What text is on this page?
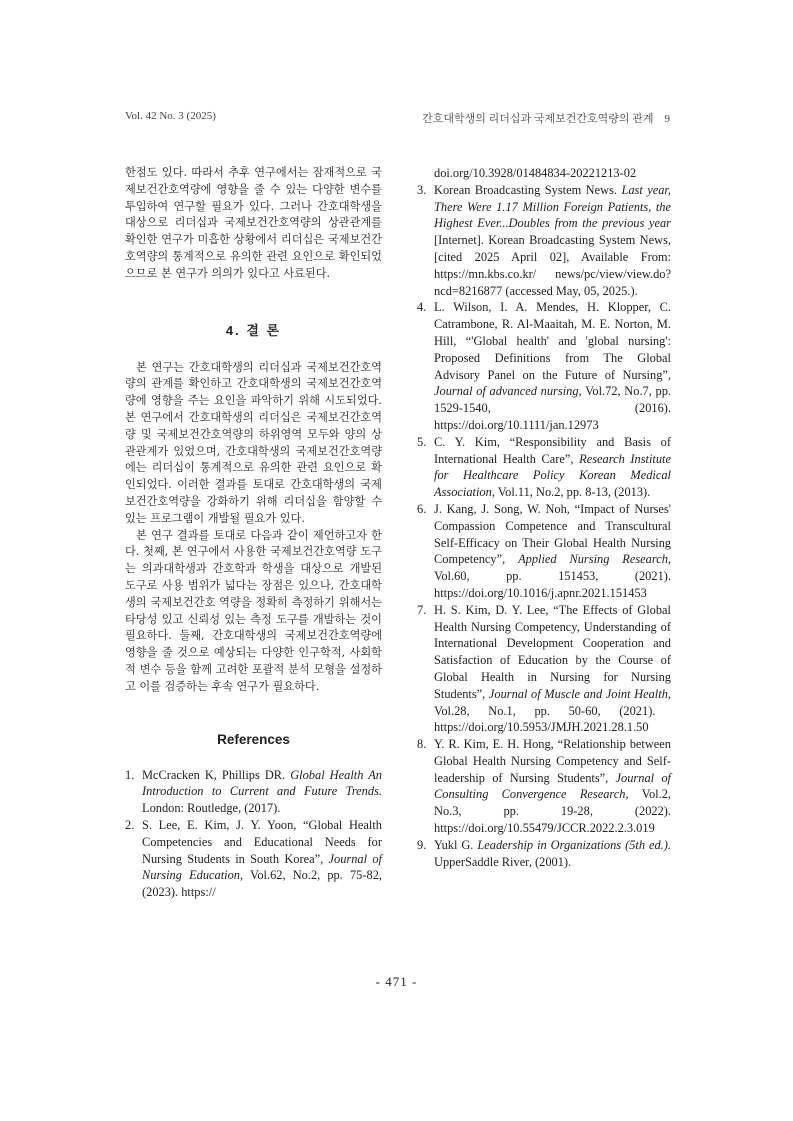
Vol. 42 No. 3 (2025)	간호대학생의 리더십과 국제보건간호역량의 관계 9

한점도 있다. 따라서 추후 연구에서는 잠재적으로 국제보건간호역량에 영향을 줄 수 있는 다양한 변수를 투입하여 연구할 필요가 있다. 그러나 간호대학생을 대상으로 리더십과 국제보건간호역량의 상관관계를 확인한 연구가 미흡한 상황에서 리더십은 국제보건간호역량의 통계적으로 유의한 관련 요인으로 확인되었으므로 본 연구가 의의가 있다고 사료된다.

4. 결 론

본 연구는 간호대학생의 리더십과 국제보건간호역량의 관계를 확인하고 간호대학생의 국제보건간호역량에 영향을 주는 요인을 파악하기 위해 시도되었다. 본 연구에서 간호대학생의 리더십은 국제보건간호역량 및 국제보건간호역량의 하위영역 모두와 양의 상관관계가 있었으며, 간호대학생의 국제보건간호역량에는 리더십이 통계적으로 유의한 관련 요인으로 확인되었다. 이러한 결과를 토대로 간호대학생의 국제보건간호역량을 강화하기 위해 리더십을 함양할 수 있는 프로그램이 개발될 필요가 있다.

본 연구 결과를 토대로 다음과 같이 제언하고자 한다. 첫째, 본 연구에서 사용한 국제보건간호역량 도구는 의과대학생과 간호학과 학생을 대상으로 개발된 도구로 사용 범위가 넓다는 장점은 있으나, 간호대학생의 국제보건간호 역량을 정확히 측정하기 위해서는 타당성 있고 신뢰성 있는 측정 도구를 개발하는 것이 필요하다. 둘째, 간호대학생의 국제보건간호역량에 영향을 줄 것으로 예상되는 다양한 인구학적, 사회학적 변수 등을 함께 고려한 포괄적 분석 모형을 설정하고 이를 검증하는 후속 연구가 필요하다.

References
1. McCracken K, Phillips DR. Global Health An Introduction to Current and Future Trends. London: Routledge, (2017).
2. S. Lee, E. Kim, J. Y. Yoon, “Global Health Competencies and Educational Needs for Nursing Students in South Korea”, Journal of Nursing Education, Vol.62, No.2, pp. 75-82, (2023). https://

doi.org/10.3928/01484834-20221213-02

3. Korean Broadcasting System News. Last year, There Were 1.17 Million Foreign Patients, the Highest Ever...Doubles from the previous year [Internet]. Korean Broadcasting System News, [cited 2025 April 02], Available From: https://mn.kbs.co.kr/ news/pc/view/view.do?ncd=8216877 (accessed May, 05, 2025.).
4. L. Wilson, I. A. Mendes, H. Klopper, C. Catrambone, R. Al-Maaitah, M. E. Norton, M. Hill, “'Global health' and 'global nursing': Proposed Definitions from The Global Advisory Panel on the Future of Nursing”, Journal of advanced nursing, Vol.72, No.7, pp. 1529-1540, (2016). https://doi.org/10.1111/jan.12973
5. C. Y. Kim, “Responsibility and Basis of International Health Care”, Research Institute for Healthcare Policy Korean Medical Association, Vol.11, No.2, pp. 8-13, (2013).
6. J. Kang, J. Song, W. Noh, “Impact of Nurses' Compassion Competence and Transcultural Self-Efficacy on Their Global Health Nursing Competency”, Applied Nursing Research, Vol.60, pp. 151453, (2021). https://doi.org/10.1016/j.apnr.2021.151453
7. H. S. Kim, D. Y. Lee, “The Effects of Global Health Nursing Competency, Understanding of International Development Cooperation and Satisfaction of Education by the Course of Global Health in Nursing for Nursing Students”, Journal of Muscle and Joint Health, Vol.28, No.1, pp. 50-60, (2021). https://doi.org/10.5953/JMJH.2021.28.1.50
8. Y. R. Kim, E. H. Hong, “Relationship between Global Health Nursing Competency and Self-leadership of Nursing Students”, Journal of Consulting Convergence Research, Vol.2, No.3, pp. 19-28, (2022). https://doi.org/10.55479/JCCR.2022.2.3.019
9. Yukl G. Leadership in Organizations (5th ed.). UpperSaddle River, (2001).
- 471 -
